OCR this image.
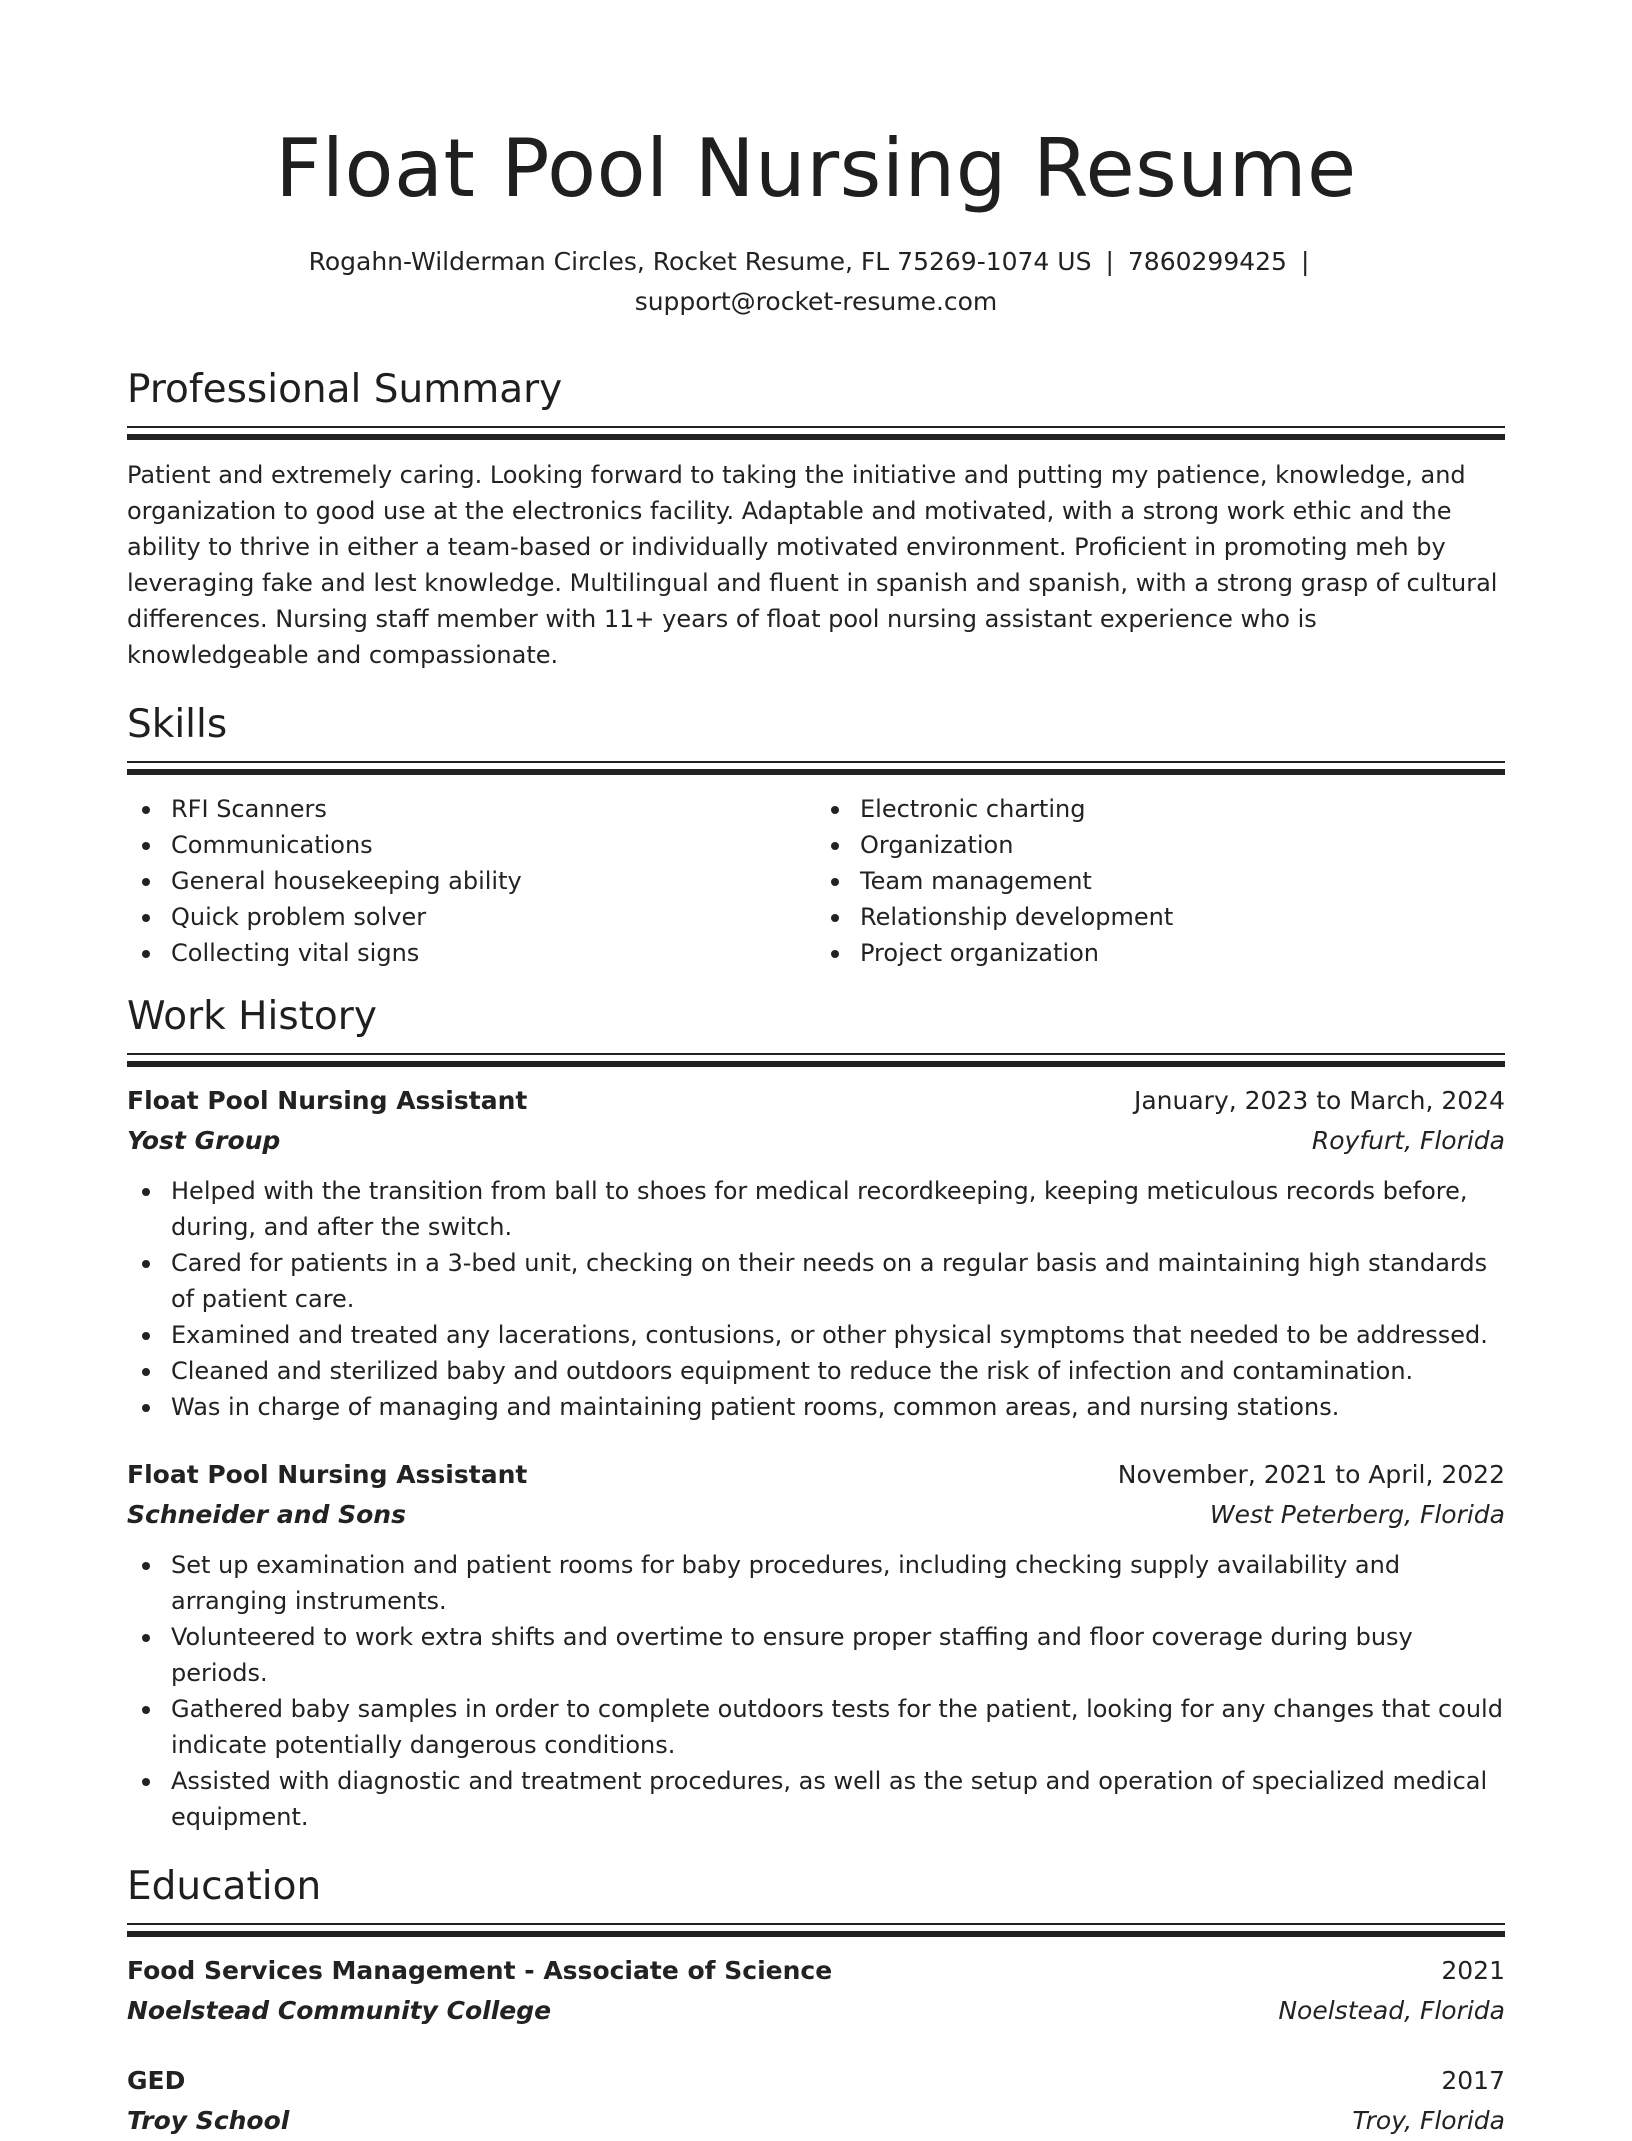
Float Pool Nursing Resume
Rogahn-Wilderman Circles, Rocket Resume, FL 75269-1074 US | 7860299425 |
support@rocket-resume.com
Professional Summary

Patient and extremely caring. Looking forward to taking the initiative and putting my patience, knowledge, and organization to good use at the electronics facility. Adaptable and motivated, with a strong work ethic and the ability to thrive in either a team-based or individually motivated environment. Proficient in promoting meh by leveraging fake and lest knowledge. Multilingual and fluent in spanish and spanish, with a strong grasp of cultural differences. Nursing staff member with 11+ years of float pool nursing assistant experience who is knowledgeable and compassionate.

Skills
RFI Scanners
Communications
General housekeeping ability
Quick problem solver
Collecting vital signs
Electronic charting
Organization
Team management
Relationship development
Project organization
Work History
Float Pool Nursing Assistant	January, 2023 to March, 2024
Yost Group	Royfurt, Florida
Helped with the transition from ball to shoes for medical recordkeeping, keeping meticulous records before, during, and after the switch.
Cared for patients in a 3-bed unit, checking on their needs on a regular basis and maintaining high standards of patient care.
Examined and treated any lacerations, contusions, or other physical symptoms that needed to be addressed.
Cleaned and sterilized baby and outdoors equipment to reduce the risk of infection and contamination.
Was in charge of managing and maintaining patient rooms, common areas, and nursing stations.
Float Pool Nursing Assistant	November, 2021 to April, 2022
Schneider and Sons	West Peterberg, Florida
Set up examination and patient rooms for baby procedures, including checking supply availability and arranging instruments.
Volunteered to work extra shifts and overtime to ensure proper staffing and floor coverage during busy periods.
Gathered baby samples in order to complete outdoors tests for the patient, looking for any changes that could indicate potentially dangerous conditions.
Assisted with diagnostic and treatment procedures, as well as the setup and operation of specialized medical equipment.
Education
Food Services Management - Associate of Science	2021
Noelstead Community College	Noelstead, Florida
GED	2017
Troy School	Troy, Florida
